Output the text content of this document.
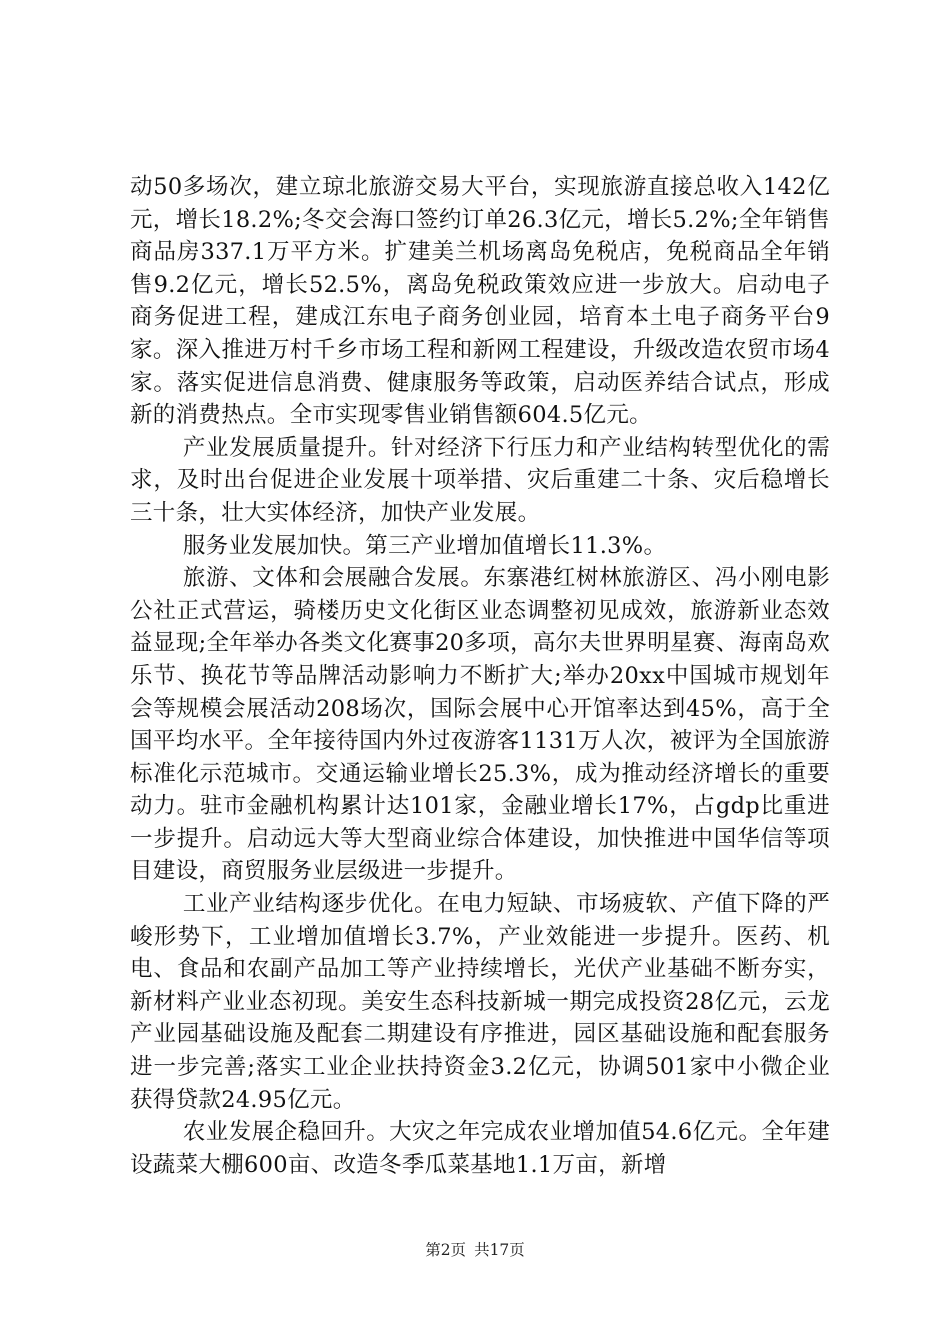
动50多场次，建立琼北旅游交易大平台，实现旅游直接总收入142亿元，增长18.2%;冬交会海口签约订单26.3亿元，增长5.2%;全年销售商品房337.1万平方米。扩建美兰机场离岛免税店，免税商品全年销售9.2亿元，增长52.5%，离岛免税政策效应进一步放大。启动电子商务促进工程，建成江东电子商务创业园，培育本土电子商务平台9家。深入推进万村千乡市场工程和新网工程建设，升级改造农贸市场4家。落实促进信息消费、健康服务等政策，启动医养结合试点，形成新的消费热点。全市实现零售业销售额604.5亿元。

产业发展质量提升。针对经济下行压力和产业结构转型优化的需求，及时出台促进企业发展十项举措、灾后重建二十条、灾后稳增长三十条，壮大实体经济，加快产业发展。

服务业发展加快。第三产业增加值增长11.3%。

旅游、文体和会展融合发展。东寨港红树林旅游区、冯小刚电影公社正式营运，骑楼历史文化街区业态调整初见成效，旅游新业态效益显现;全年举办各类文化赛事20多项，高尔夫世界明星赛、海南岛欢乐节、换花节等品牌活动影响力不断扩大;举办20xx中国城市规划年会等规模会展活动208场次，国际会展中心开馆率达到45%，高于全国平均水平。全年接待国内外过夜游客1131万人次，被评为全国旅游标准化示范城市。交通运输业增长25.3%，成为推动经济增长的重要动力。驻市金融机构累计达101家，金融业增长17%，占gdp比重进一步提升。启动远大等大型商业综合体建设，加快推进中国华信等项目建设，商贸服务业层级进一步提升。

工业产业结构逐步优化。在电力短缺、市场疲软、产值下降的严峻形势下，工业增加值增长3.7%，产业效能进一步提升。医药、机电、食品和农副产品加工等产业持续增长，光伏产业基础不断夯实，新材料产业业态初现。美安生态科技新城一期完成投资28亿元，云龙产业园基础设施及配套二期建设有序推进，园区基础设施和配套服务进一步完善;落实工业企业扶持资金3.2亿元，协调501家中小微企业获得贷款24.95亿元。

农业发展企稳回升。大灾之年完成农业增加值54.6亿元。全年建设蔬菜大棚600亩、改造冬季瓜菜基地1.1万亩，新增

第2页 共17页
